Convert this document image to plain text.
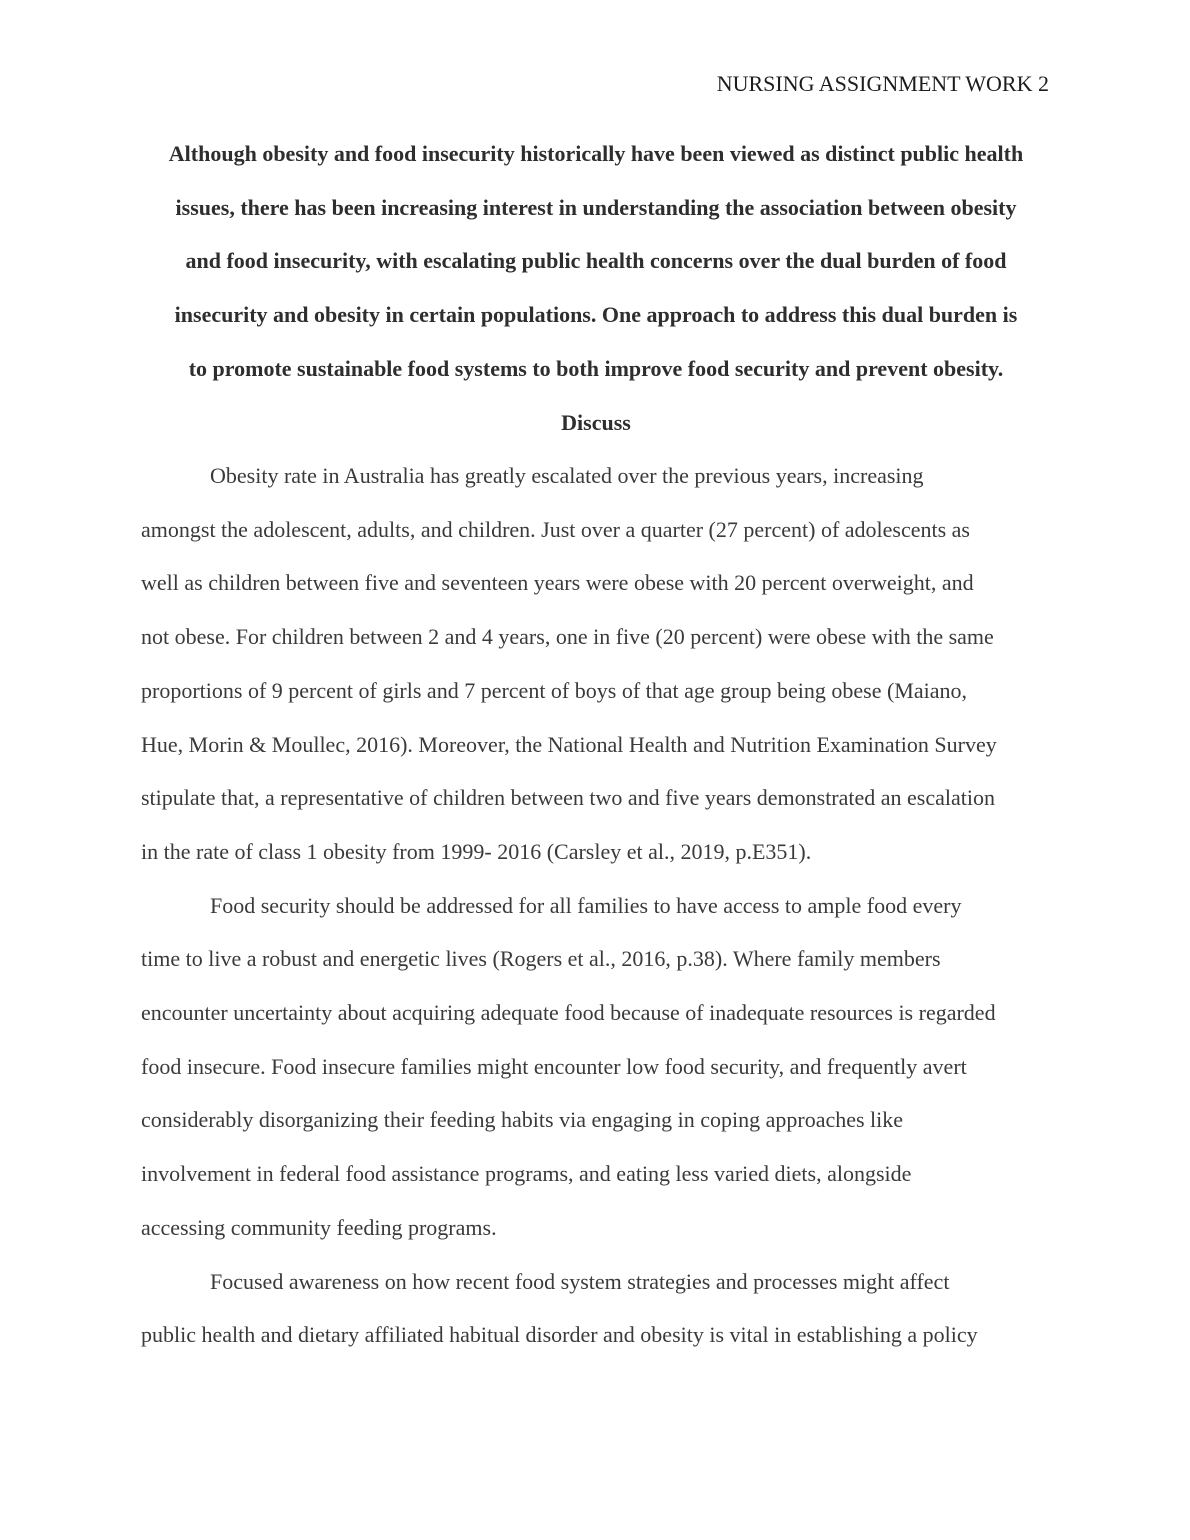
NURSING ASSIGNMENT WORK 2
Although obesity and food insecurity historically have been viewed as distinct public health
issues, there has been increasing interest in understanding the association between obesity
and food insecurity, with escalating public health concerns over the dual burden of food
insecurity and obesity in certain populations. One approach to address this dual burden is
to promote sustainable food systems to both improve food security and prevent obesity.
Discuss
Obesity rate in Australia has greatly escalated over the previous years, increasing
amongst the adolescent, adults, and children. Just over a quarter (27 percent) of adolescents as
well as children between five and seventeen years were obese with 20 percent overweight, and
not obese. For children between 2 and 4 years, one in five (20 percent) were obese with the same
proportions of 9 percent of girls and 7 percent of boys of that age group being obese (Maiano,
Hue, Morin & Moullec, 2016). Moreover, the National Health and Nutrition Examination Survey
stipulate that, a representative of children between two and five years demonstrated an escalation
in the rate of class 1 obesity from 1999- 2016 (Carsley et al., 2019, p.E351).
Food security should be addressed for all families to have access to ample food every
time to live a robust and energetic lives (Rogers et al., 2016, p.38). Where family members
encounter uncertainty about acquiring adequate food because of inadequate resources is regarded
food insecure. Food insecure families might encounter low food security, and frequently avert
considerably disorganizing their feeding habits via engaging in coping approaches like
involvement in federal food assistance programs, and eating less varied diets, alongside
accessing community feeding programs.
Focused awareness on how recent food system strategies and processes might affect
public health and dietary affiliated habitual disorder and obesity is vital in establishing a policy
